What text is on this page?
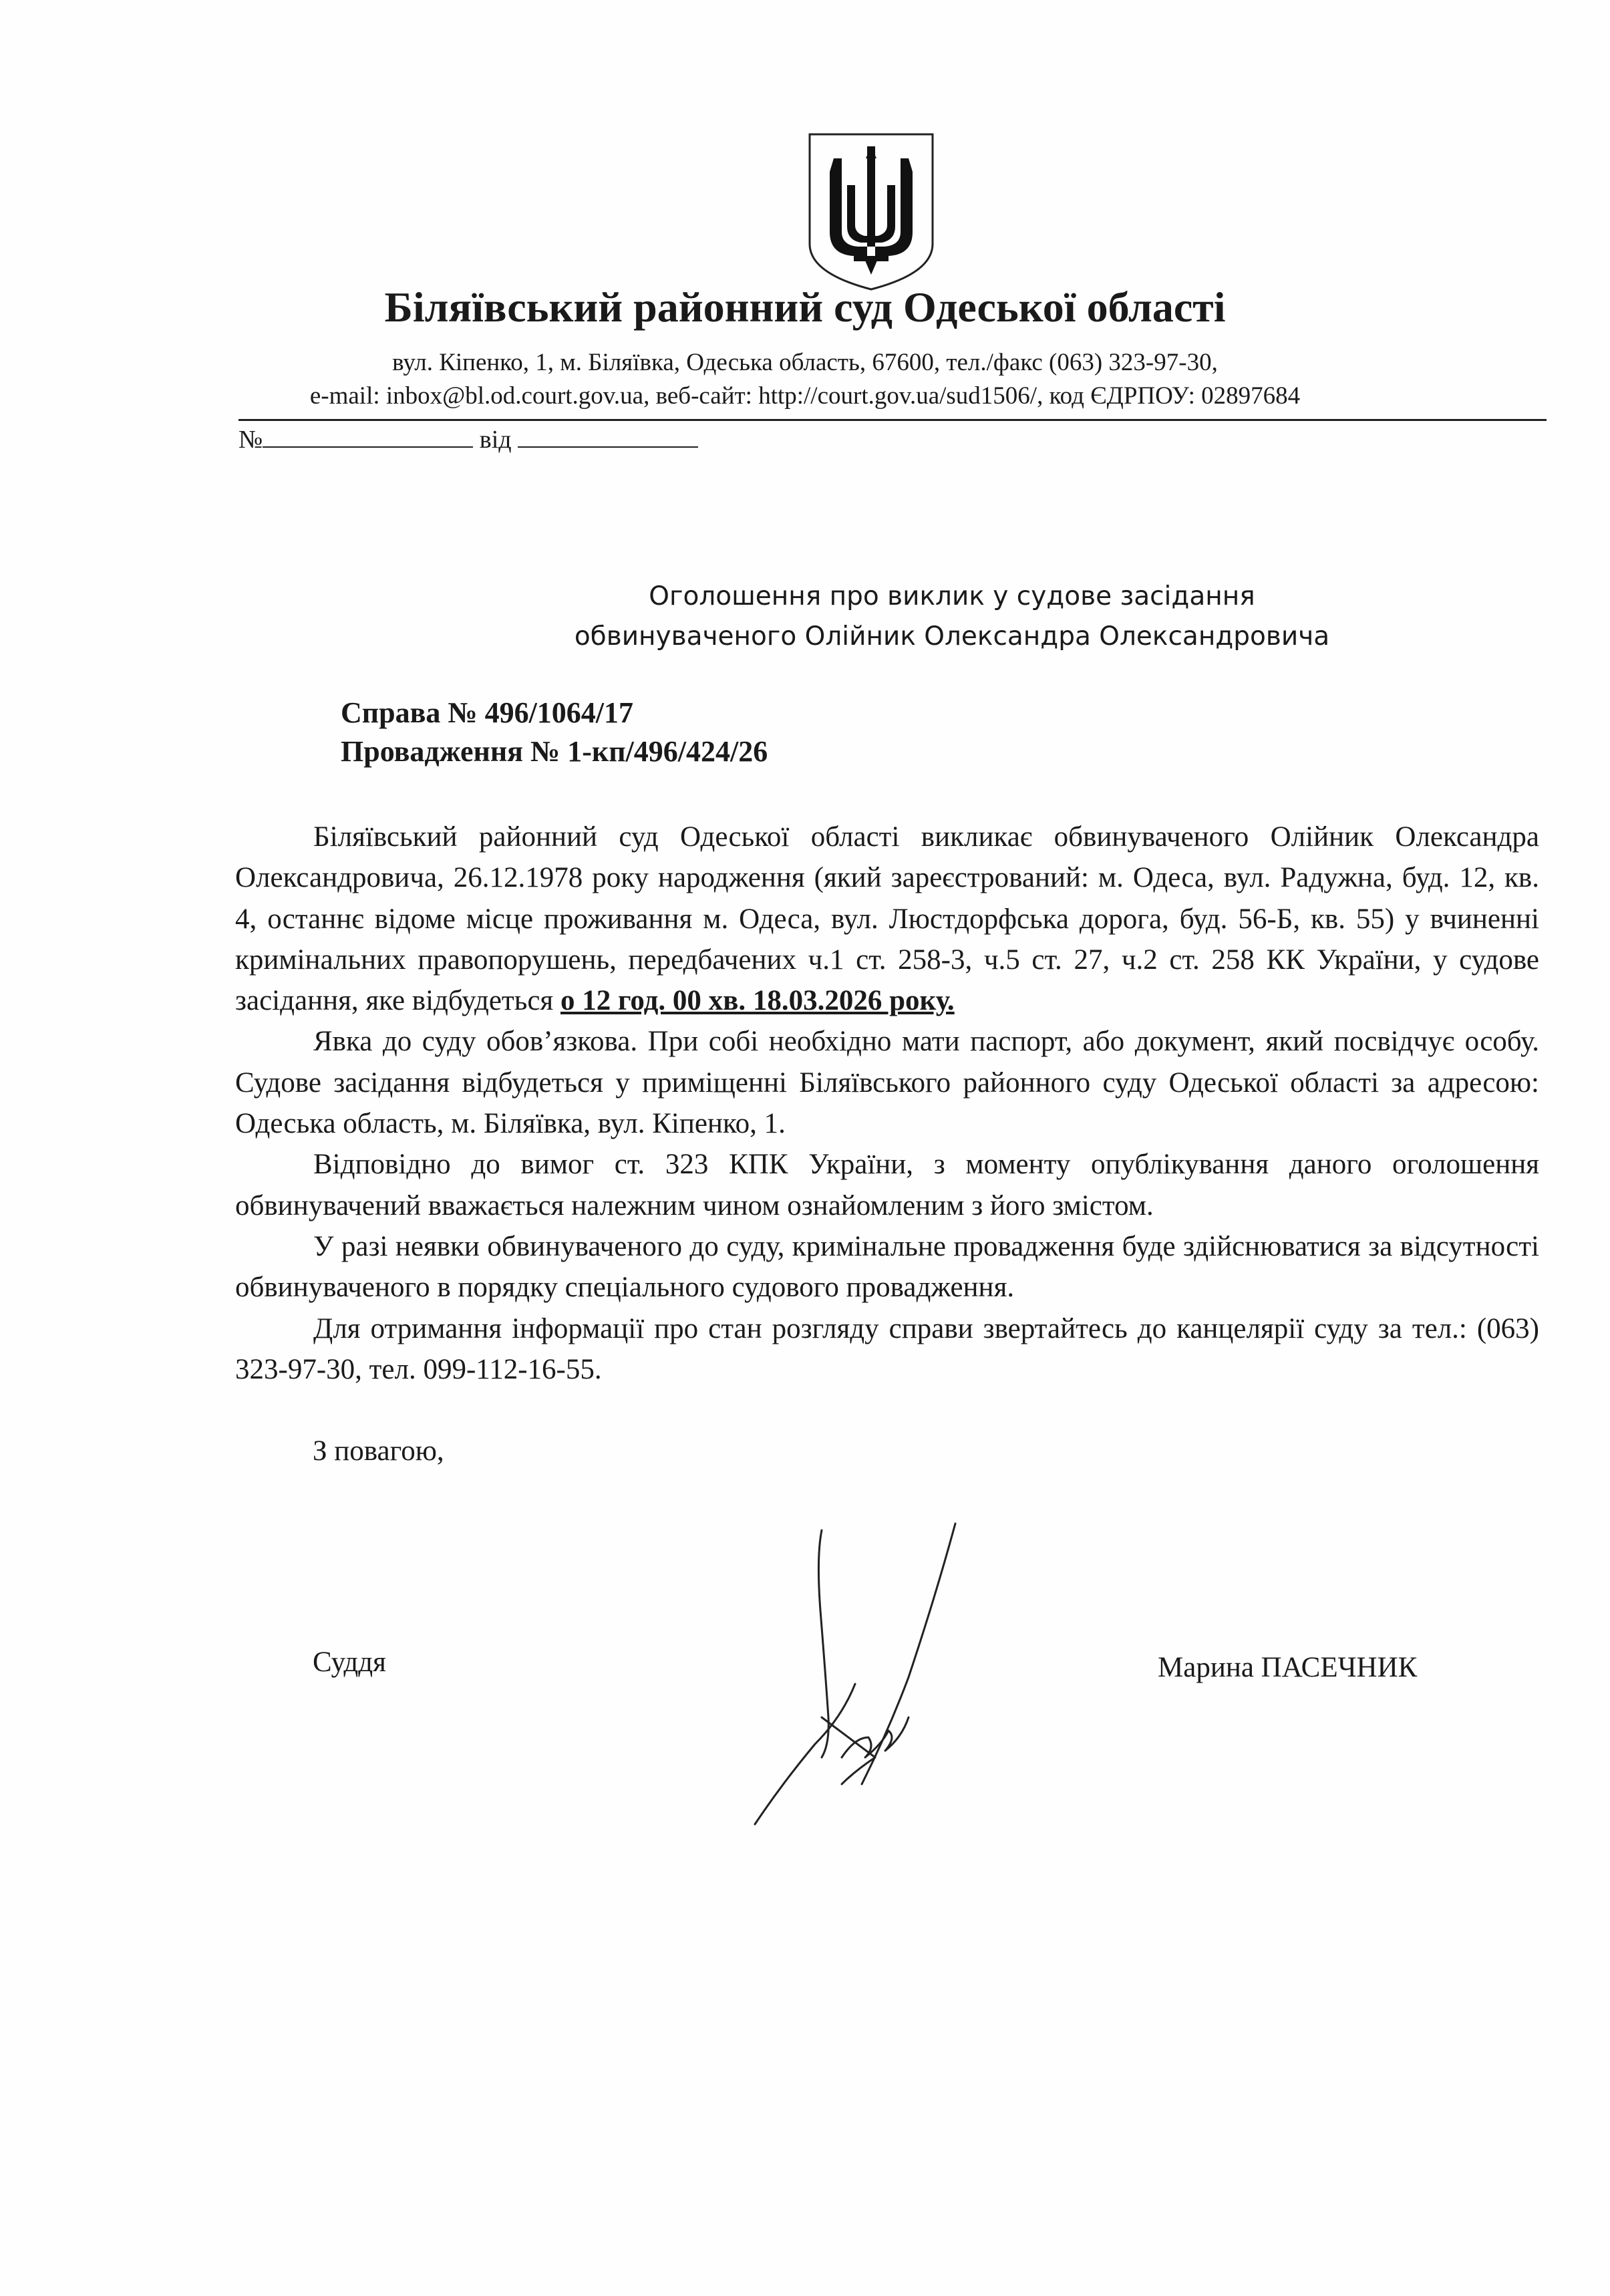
Біляївський районний суд Одеської області
вул. Кіпенко, 1, м. Біляївка, Одеська область, 67600, тел./факс (063) 323-97-30,
e-mail: inbox@bl.od.court.gov.ua, веб-сайт: http://court.gov.ua/sud1506/, код ЄДРПОУ: 02897684
№	від
Оголошення про виклик у судове засідання
обвинуваченого Олійник Олександра Олександровича
Справа № 496/1064/17
Провадження № 1-кп/496/424/26

Біляївський районний суд Одеської області викликає обвинуваченого Олійник Олександра Олександровича, 26.12.1978 року народження (який зареєстрований: м. Одеса, вул. Радужна, буд. 12, кв. 4, останнє відоме місце проживання м. Одеса, вул. Люстдорфська дорога, буд. 56-Б, кв. 55) у вчиненні кримінальних правопорушень, передбачених ч.1 ст. 258-3, ч.5 ст. 27, ч.2 ст. 258 КК України, у судове засідання, яке відбудеться о 12 год. 00 хв. 18.03.2026 року.

Явка до суду обов’язкова. При собі необхідно мати паспорт, або документ, який посвідчує особу. Судове засідання відбудеться у приміщенні Біляївського районного суду Одеської області за адресою: Одеська область, м. Біляївка, вул. Кіпенко, 1.

Відповідно до вимог ст. 323 КПК України, з моменту опублікування даного оголошення обвинувачений вважається належним чином ознайомленим з його змістом.

У разі неявки обвинуваченого до суду, кримінальне провадження буде здійснюватися за відсутності обвинуваченого в порядку спеціального судового провадження.

Для отримання інформації про стан розгляду справи звертайтесь до канцелярії суду за тел.: (063) 323-97-30, тел. 099-112-16-55.

З повагою,
Суддя	Марина ПАСЕЧНИК
